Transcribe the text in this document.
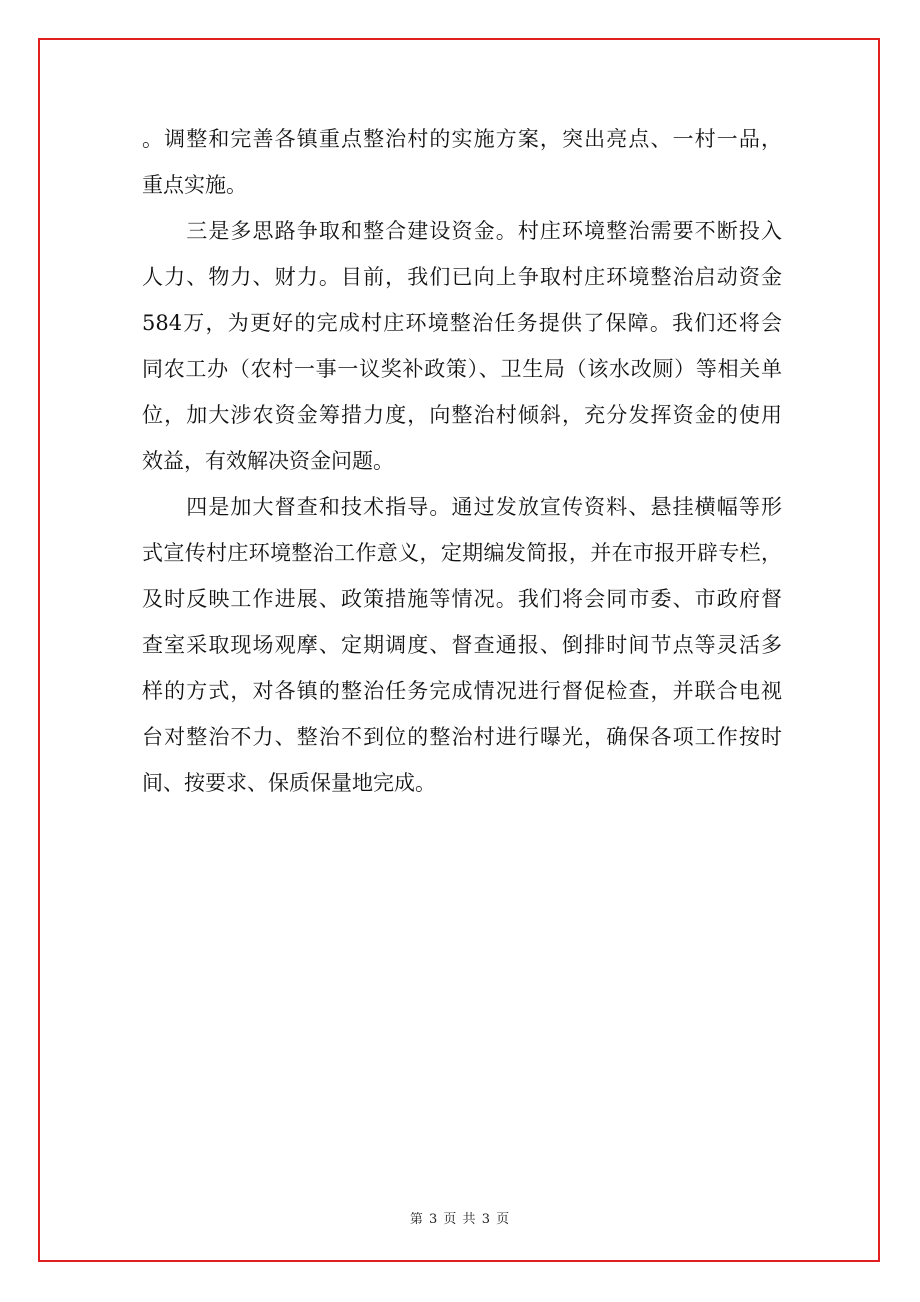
。调整和完善各镇重点整治村的实施方案，突出亮点、一村一品，
重点实施。
　　三是多思路争取和整合建设资金。村庄环境整治需要不断投入
人力、物力、财力。目前，我们已向上争取村庄环境整治启动资金
584万，为更好的完成村庄环境整治任务提供了保障。我们还将会
同农工办（农村一事一议奖补政策）、卫生局（该水改厕）等相关单
位，加大涉农资金筹措力度，向整治村倾斜，充分发挥资金的使用
效益，有效解决资金问题。
　　四是加大督查和技术指导。通过发放宣传资料、悬挂横幅等形
式宣传村庄环境整治工作意义，定期编发简报，并在市报开辟专栏，
及时反映工作进展、政策措施等情况。我们将会同市委、市政府督
查室采取现场观摩、定期调度、督查通报、倒排时间节点等灵活多
样的方式，对各镇的整治任务完成情况进行督促检查，并联合电视
台对整治不力、整治不到位的整治村进行曝光，确保各项工作按时
间、按要求、保质保量地完成。
第 3 页 共 3 页
